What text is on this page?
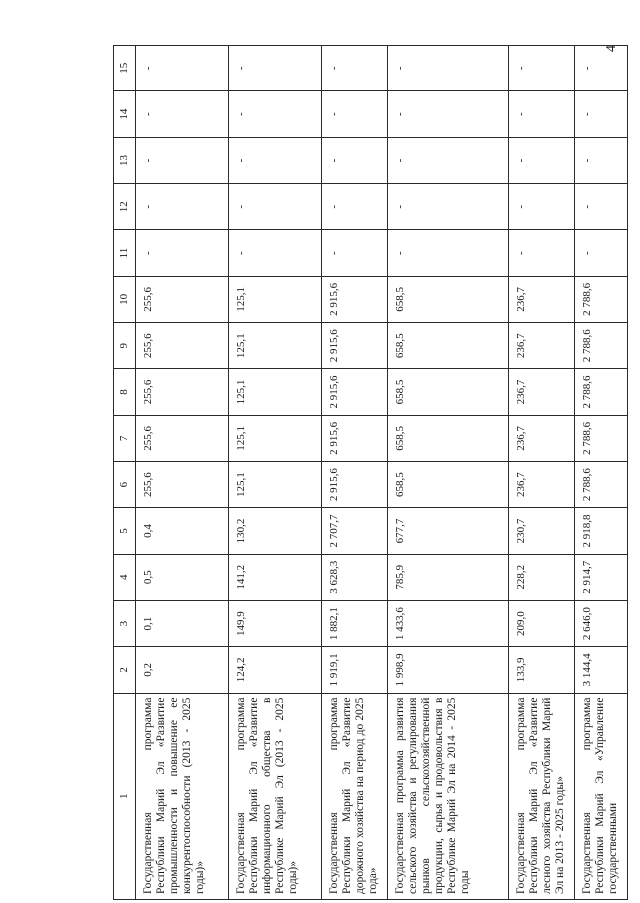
4
1	2	3	4	5	6	7	8	9	10	11	12	13	14	15
Государственная программа Республики Марий Эл «Развитие промышленности и повышение ее конкурентоспособности (2013 - 2025 годы)»	0,2	0,1	0,5	0,4	255,6	255,6	255,6	255,6	255,6	-	-	-	-	-
Государственная программа Республики Марий Эл «Развитие информационного общества в Республике Марий Эл (2013 - 2025 годы)»	124,2	149,9	141,2	130,2	125,1	125,1	125,1	125,1	125,1	-	-	-	-	-
Государственная программа Республики Марий Эл «Развитие дорожного хозяйства на период до 2025 года»	1 919,1	1 882,1	3 628,3	2 707,7	2 915,6	2 915,6	2 915,6	2 915,6	2 915,6	-	-	-	-	-
Государственная программа развития сельского хозяйства и регулирования рынков сельскохозяйственной продукции, сырья и продовольствия в Республике Марий Эл на 2014 - 2025 годы	1 998,9	1 433,6	785,9	677,7	658,5	658,5	658,5	658,5	658,5	-	-	-	-	-
Государственная программа Республики Марий Эл «Развитие лесного хозяйства Республики Марий Эл на 2013 - 2025 годы»	133,9	209,0	228,2	230,7	236,7	236,7	236,7	236,7	236,7	-	-	-	-	-
Государственная программа Республики Марий Эл «Управление государственными	3 144,4	2 646,0	2 914,7	2 918,8	2 788,6	2 788,6	2 788,6	2 788,6	2 788,6	-	-	-	-	-
